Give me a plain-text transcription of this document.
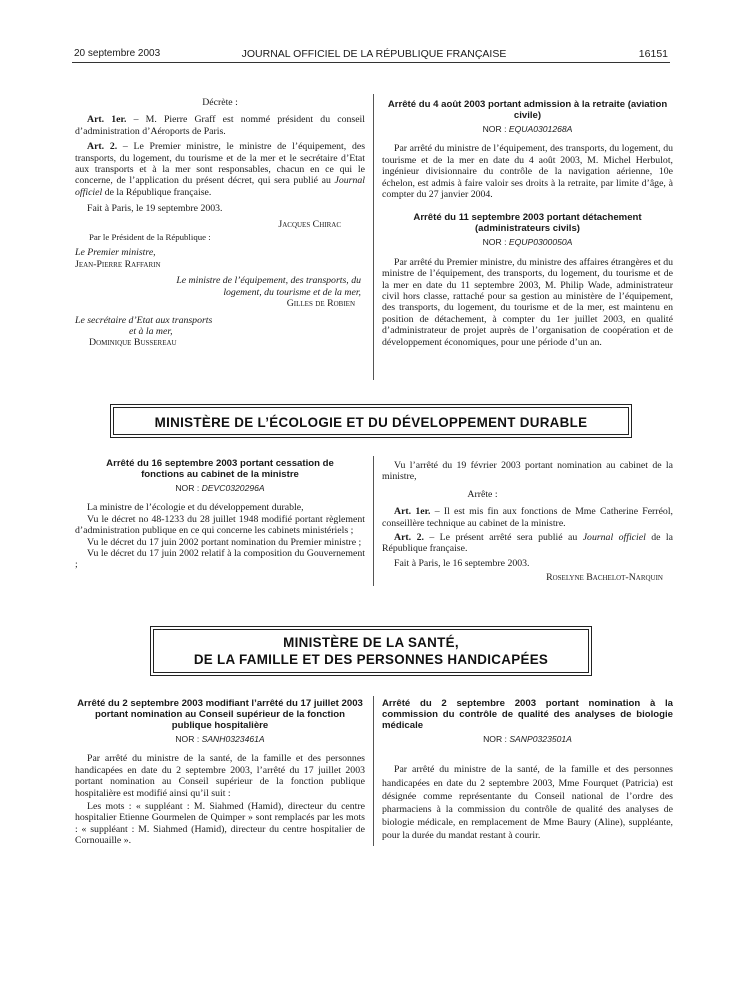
20 septembre 2003	JOURNAL OFFICIEL DE LA RÉPUBLIQUE FRANÇAISE	16151

Décrète :

Art. 1er. – M. Pierre Graff est nommé président du conseil d’administration d’Aéroports de Paris.

Art. 2. – Le Premier ministre, le ministre de l’équipement, des transports, du logement, du tourisme et de la mer et le secrétaire d’Etat aux transports et à la mer sont responsables, chacun en ce qui le concerne, de l’application du présent décret, qui sera publié au Journal officiel de la République française.

Fait à Paris, le 19 septembre 2003.

Jacques Chirac

Par le Président de la République :

Le Premier ministre,

Jean-Pierre Raffarin

Le ministre de l’équipement, des transports, du logement, du tourisme et de la mer,

Gilles de Robien

Le secrétaire d’Etat aux transports

et à la mer,

Dominique Bussereau

Arrêté du 4 août 2003 portant admission à la retraite (aviation civile)

NOR : EQUA0301268A

Par arrêté du ministre de l’équipement, des transports, du logement, du tourisme et de la mer en date du 4 août 2003, M. Michel Herbulot, ingénieur divisionnaire du contrôle de la navigation aérienne, 10e échelon, est admis à faire valoir ses droits à la retraite, par limite d’âge, à compter du 27 janvier 2004.

Arrêté du 11 septembre 2003 portant détachement (administrateurs civils)

NOR : EQUP0300050A

Par arrêté du Premier ministre, du ministre des affaires étrangères et du ministre de l’équipement, des transports, du logement, du tourisme et de la mer en date du 11 septembre 2003, M. Philip Wade, administrateur civil hors classe, rattaché pour sa gestion au ministère de l’équipement, des transports, du logement, du tourisme et de la mer, est maintenu en position de détachement, à compter du 1er juillet 2003, en qualité d’administrateur de projet auprès de l’organisation de coopération et de développement économiques, pour une période d’un an.

$_{MINISTÈRE DE L’ÉCOLOGIE ET DU DÉVELOPPEMENT DURABLE}$

Arrêté du 16 septembre 2003 portant cessation de fonctions au cabinet de la ministre

NOR : DEVC0320296A

La ministre de l’écologie et du développement durable,

Vu le décret no 48-1233 du 28 juillet 1948 modifié portant règlement d’administration publique en ce qui concerne les cabinets ministériels ;

Vu le décret du 17 juin 2002 portant nomination du Premier ministre ;

Vu le décret du 17 juin 2002 relatif à la composition du Gouvernement ;

Vu l’arrêté du 19 février 2003 portant nomination au cabinet de la ministre,

Arrête :

Art. 1er. – Il est mis fin aux fonctions de Mme Catherine Ferréol, conseillère technique au cabinet de la ministre.

Art. 2. – Le présent arrêté sera publié au Journal officiel de la République française.

Fait à Paris, le 16 septembre 2003.

Roselyne Bachelot-Narquin

MINISTÈRE DE LA SANTÉ,
DE LA FAMILLE ET DES PERSONNES HANDICAPÉES

Arrêté du 2 septembre 2003 modifiant l’arrêté du 17 juillet 2003 portant nomination au Conseil supérieur de la fonction publique hospitalière

NOR : SANH0323461A

Par arrêté du ministre de la santé, de la famille et des personnes handicapées en date du 2 septembre 2003, l’arrêté du 17 juillet 2003 portant nomination au Conseil supérieur de la fonction publique hospitalière est modifié ainsi qu’il suit :

Les mots : « suppléant : M. Siahmed (Hamid), directeur du centre hospitalier Etienne Gourmelen de Quimper » sont remplacés par les mots : « suppléant : M. Siahmed (Hamid), directeur du centre hospitalier de Cornouaille ».

Arrêté du 2 septembre 2003 portant nomination à la commission du contrôle de qualité des analyses de biologie médicale

NOR : SANP0323501A

Par arrêté du ministre de la santé, de la famille et des personnes handicapées en date du 2 septembre 2003, Mme Fourquet (Patricia) est désignée comme représentante du Conseil national de l’ordre des pharmaciens à la commission du contrôle de qualité des analyses de biologie médicale, en remplacement de Mme Baury (Aline), suppléante, pour la durée du mandat restant à courir.
